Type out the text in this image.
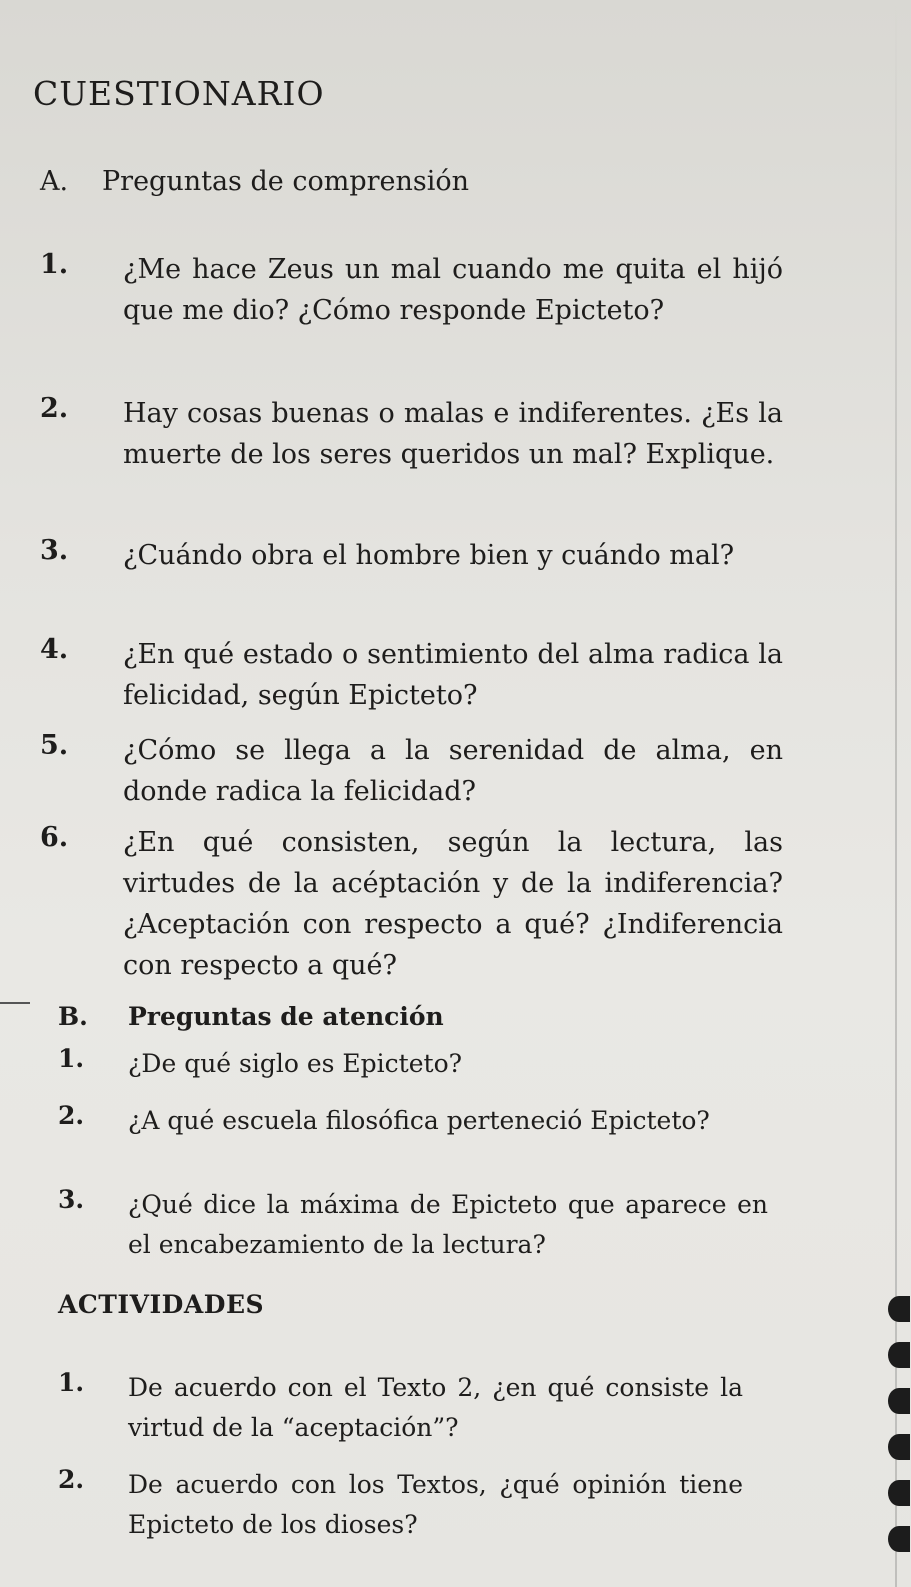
CUESTIONARIO
A. Preguntas de comprensión
1. ¿Me hace Zeus un mal cuando me quita el hijó que me dio? ¿Cómo responde Epicteto?
2. Hay cosas buenas o malas e indiferentes. ¿Es la muerte de los seres queridos un mal? Explique.
3. ¿Cuándo obra el hombre bien y cuándo mal?
4. ¿En qué estado o sentimiento del alma radica la felicidad, según Epicteto?
5. ¿Cómo se llega a la serenidad de alma, en donde radica la felicidad?
6. ¿En qué consisten, según la lectura, las virtudes de la acéptación y de la indiferencia? ¿Aceptación con respecto a qué? ¿Indiferencia con respecto a qué?
B. Preguntas de atención
1. ¿De qué siglo es Epicteto?
2. ¿A qué escuela filosófica perteneció Epicteto?
3. ¿Qué dice la máxima de Epicteto que aparece en el encabezamiento de la lectura?
ACTIVIDADES
1. De acuerdo con el Texto 2, ¿en qué consiste la virtud de la “aceptación”?
2. De acuerdo con los Textos, ¿qué opinión tiene Epicteto de los dioses?
